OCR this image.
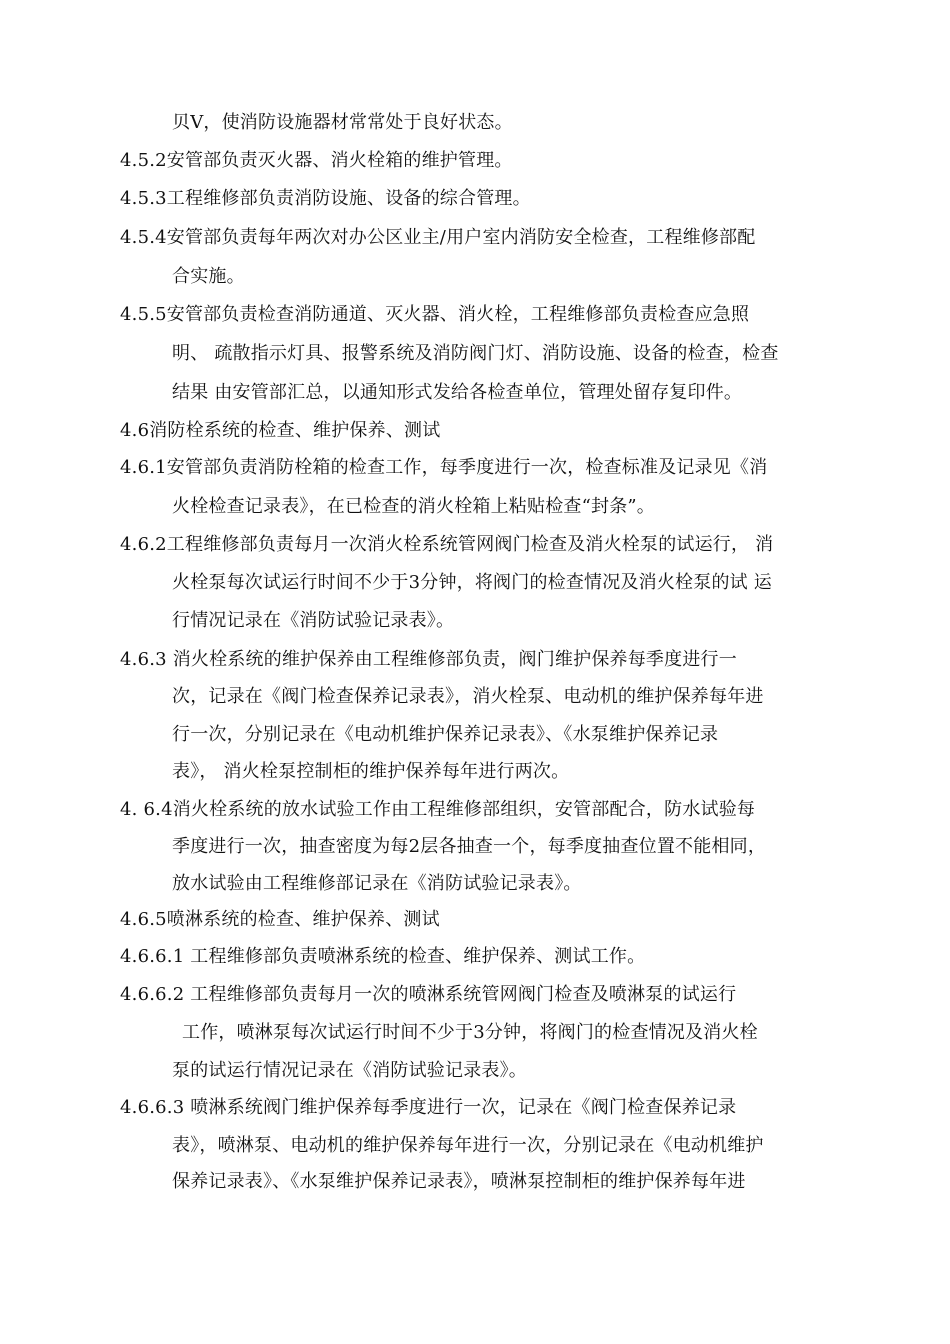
贝V，使消防设施器材常常处于良好状态。
4.5.2安管部负责灭火器、消火栓箱的维护管理。
4.5.3工程维修部负责消防设施、设备的综合管理。
4.5.4安管部负责每年两次对办公区业主/用户室内消防安全检查，工程维修部配
合实施。
4.5.5安管部负责检查消防通道、灭火器、消火栓，工程维修部负责检查应急照
明、 疏散指示灯具、报警系统及消防阀门灯、消防设施、设备的检查，检查
结果 由安管部汇总，以通知形式发给各检查单位，管理处留存复印件。
4.6消防栓系统的检查、维护保养、测试
4.6.1安管部负责消防栓箱的检查工作，每季度进行一次，检查标准及记录见《消
火栓检查记录表》，在已检查的消火栓箱上粘贴检查“封条”。
4.6.2工程维修部负责每月一次消火栓系统管网阀门检查及消火栓泵的试运行， 消
火栓泵每次试运行时间不少于3分钟，将阀门的检查情况及消火栓泵的试 运
行情况记录在《消防试验记录表》。
4.6.3 消火栓系统的维护保养由工程维修部负责，阀门维护保养每季度进行一
次，记录在《阀门检查保养记录表》，消火栓泵、电动机的维护保养每年进
行一次，分别记录在《电动机维护保养记录表》、《水泵维护保养记录
表》， 消火栓泵控制柜的维护保养每年进行两次。
4. 6.4消火栓系统的放水试验工作由工程维修部组织，安管部配合，防水试验每
季度进行一次，抽查密度为每2层各抽查一个，每季度抽查位置不能相同，
放水试验由工程维修部记录在《消防试验记录表》。
4.6.5喷淋系统的检查、维护保养、测试
4.6.6.1 工程维修部负责喷淋系统的检查、维护保养、测试工作。
4.6.6.2 工程维修部负责每月一次的喷淋系统管网阀门检查及喷淋泵的试运行
工作，喷淋泵每次试运行时间不少于3分钟，将阀门的检查情况及消火栓
泵的试运行情况记录在《消防试验记录表》。
4.6.6.3 喷淋系统阀门维护保养每季度进行一次，记录在《阀门检查保养记录
表》，喷淋泵、电动机的维护保养每年进行一次，分别记录在《电动机维护
保养记录表》、《水泵维护保养记录表》，喷淋泵控制柜的维护保养每年进
